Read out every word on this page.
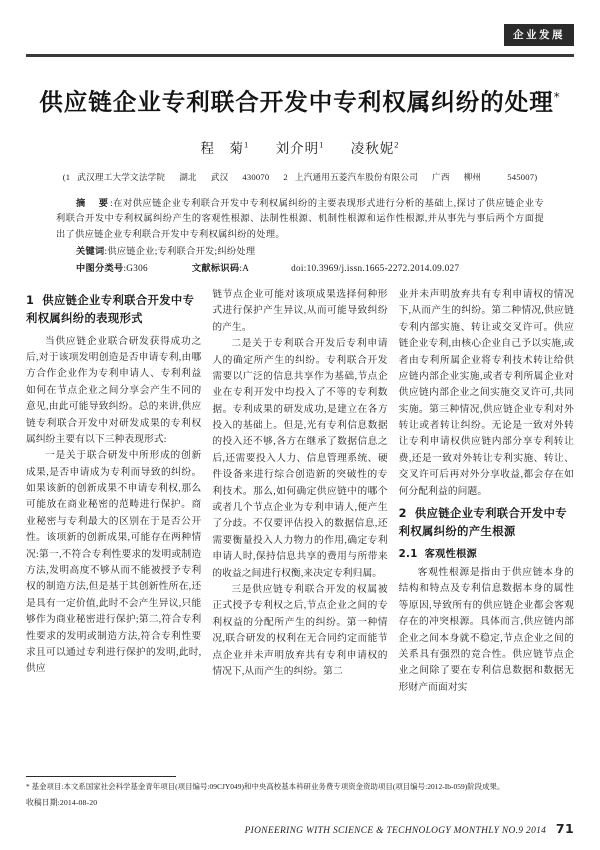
企业发展
供应链企业专利联合开发中专利权属纠纷的处理*
程　菊$^1$ 刘介明$^1$ 凌秋妮$^2$
(1 武汉理工大学文法学院 湖北 武汉 430070 2 上汽通用五菱汽车股份有限公司 广西 柳州	545007)
摘　要:在对供应链企业专利联合开发中专利权属纠纷的主要表现形式进行分析的基础上,探讨了供应链企业专利联合开发中专利权属纠纷产生的客观性根源、法制性根源、机制性根源和运作性根源,并从事先与事后两个方面提出了供应链企业专利联合开发中专利权属纠纷的处理。
关键词:供应链企业;专利联合开发;纠纷处理
中图分类号:G306	文献标识码:A	doi:10.3969/j.issn.1665-2272.2014.09.027
1 供应链企业专利联合开发中专利权属纠纷的表现形式

当供应链企业联合研发获得成功之后,对于该项发明创造是否申请专利,由哪方合作企业作为专利申请人、专利利益如何在节点企业之间分享会产生不同的意见,由此可能导致纠纷。总的来讲,供应链专利联合开发中对研发成果的专利权属纠纷主要有以下三种表现形式:

一是关于联合研发中所形成的创新成果,是否申请成为专利而导致的纠纷。如果该新的创新成果不申请专利权,那么可能放在商业秘密的范畴进行保护。商业秘密与专利最大的区别在于是否公开性。该项新的创新成果,可能存在两种情况:第一,不符合专利性要求的发明或制造方法,发明高度不够从而不能被授予专利权的制造方法,但是基于其创新性所在,还是具有一定价值,此时不会产生异议,只能够作为商业秘密进行保护;第二,符合专利性要求的发明或制造方法,符合专利性要求且可以通过专利进行保护的发明,此时,供应

链节点企业可能对该项成果选择何种形式进行保护产生异议,从而可能导致纠纷的产生。

二是关于专利联合开发后专利申请人的确定所产生的纠纷。专利联合开发需要以广泛的信息共享作为基础,节点企业在专利开发中均投入了不等的专利数据。专利成果的研发成功,是建立在各方投入的基础上。但是,光有专利信息数据的投入还不够,各方在继承了数据信息之后,还需要投入人力、信息管理系统、硬件设备来进行综合创造新的突破性的专利技术。那么,如何确定供应链中的哪个或者几个节点企业为专利申请人,便产生了分歧。不仅要评估投入的数据信息,还需要衡量投入人力物力的作用,确定专利申请人时,保持信息共享的费用与所带来的收益之间进行权衡,来决定专利归属。

三是供应链专利联合开发的权属被正式授予专利权之后,节点企业之间的专利权益的分配所产生的纠纷。第一种情况,联合研发的权利在无合同约定而能节点企业并未声明放弃共有专利申请权的情况下,从而产生的纠纷。第二

业并未声明放弃共有专利申请权的情况下,从而产生的纠纷。第二种情况,供应链专利内部实施、转让或交叉许可。供应链企业专利,由核心企业自己予以实施,或者由专利所属企业将专利技术转让给供应链内部企业实施,或者专利所属企业对供应链内部企业之间实施交叉许可,共同实施。第三种情况,供应链企业专利对外转让或者转让纠纷。无论是一致对外转让专利申请权供应链内部分享专利转让费,还是一致对外转让专利实施、转让、交叉许可后再对外分享收益,都会存在如何分配利益的问题。

2 供应链企业专利联合开发中专利权属纠纷的产生根源
2.1 客观性根源

客观性根源是指由于供应链本身的结构和特点及专利信息数据本身的属性等原因,导致所有的供应链企业都会客观存在的冲突根源。具体而言,供应链内部企业之间本身就不稳定,节点企业之间的关系具有强烈的竞合性。供应链节点企业之间除了要在专利信息数据和数据无形财产而面对实

* 基金项目:本文系国家社会科学基金青年项目(项目编号:09CJY049)和中央高校基本科研业务费专项资金资助项目(项目编号:2012-Ib-059)阶段成果。
收稿日期:2014-08-20
PIONEERING WITH SCIENCE & TECHNOLOGY MONTHLY NO.9 2014 71
